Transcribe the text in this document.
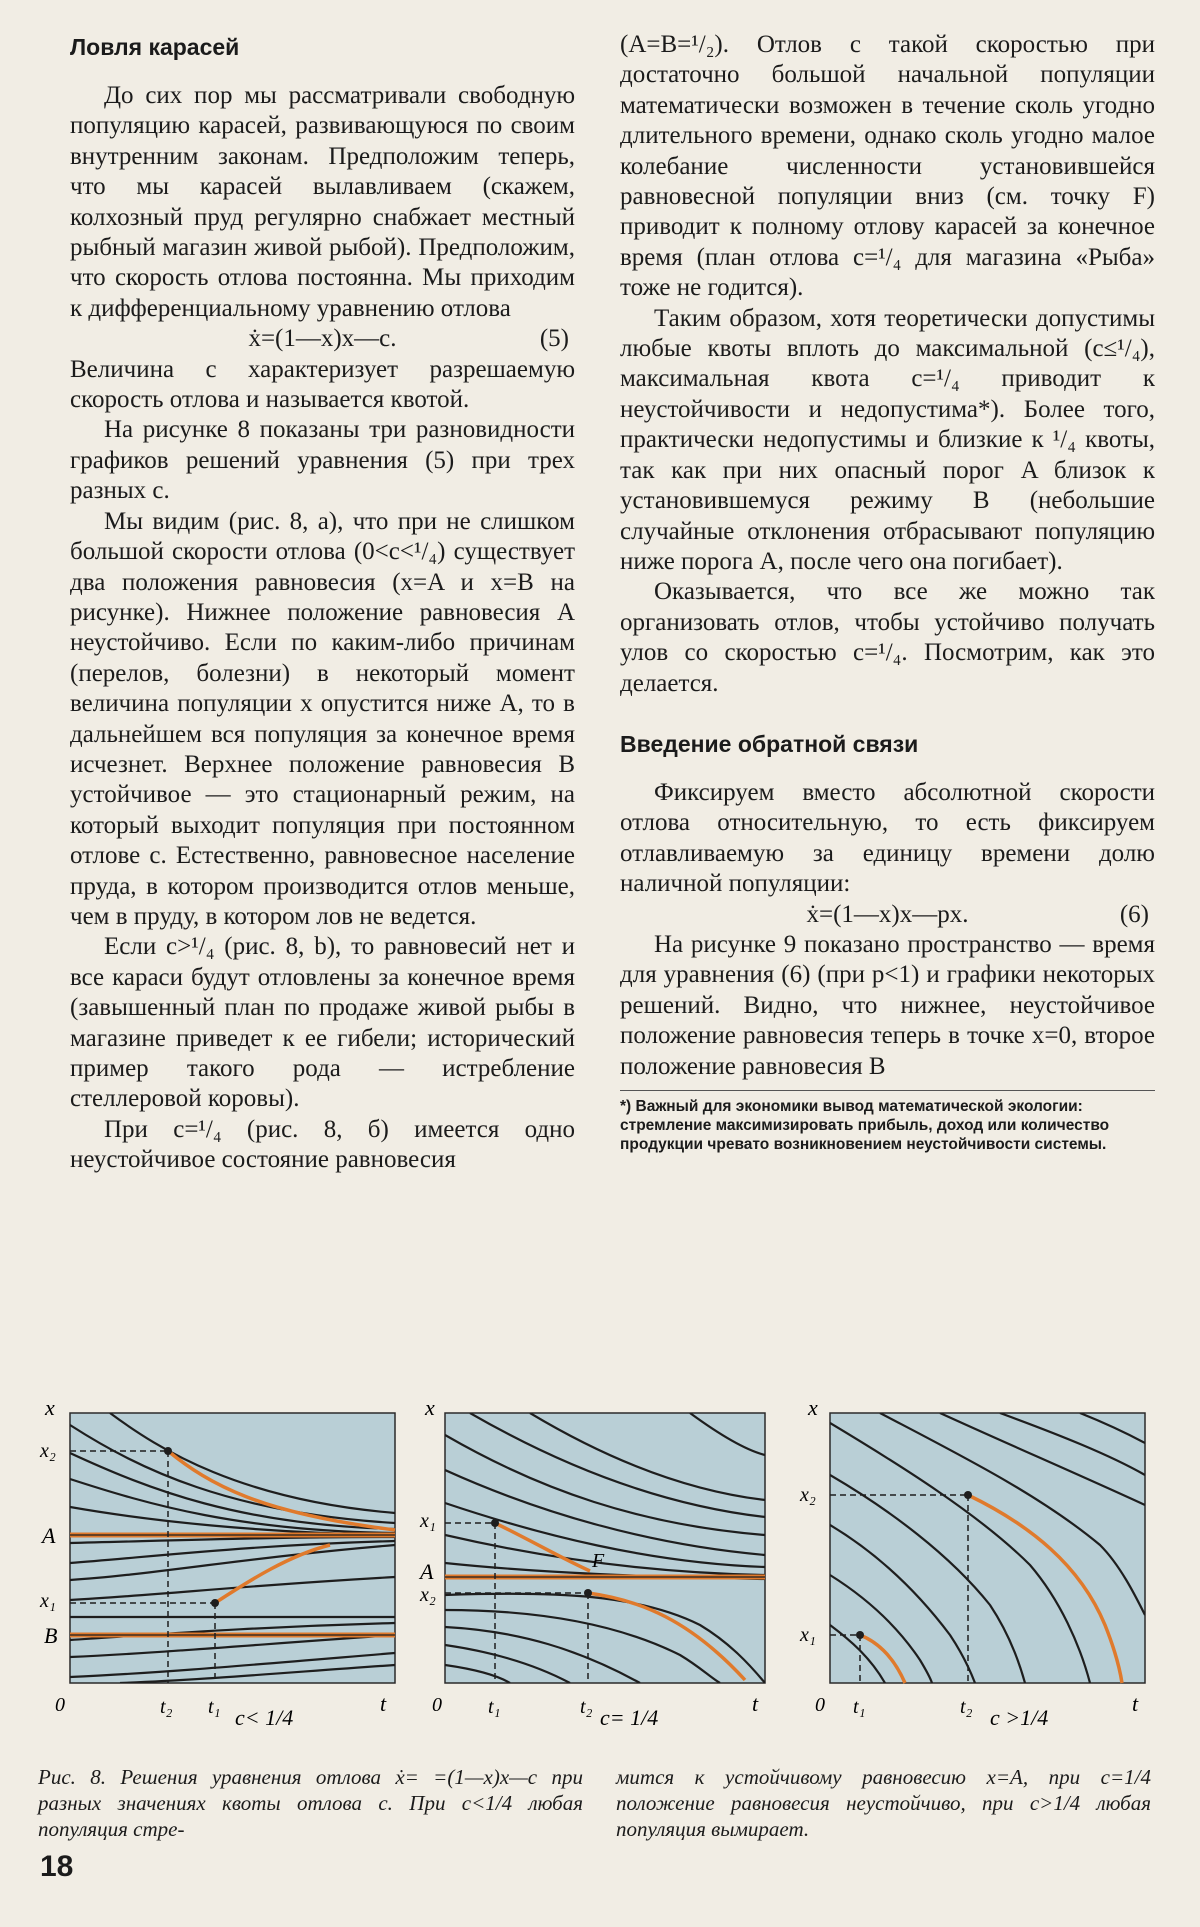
Ловля карасей

До сих пор мы рассматривали свободную популяцию карасей, развивающуюся по своим внутренним законам. Предположим теперь, что мы карасей вылавливаем (скажем, колхозный пруд регулярно снабжает местный рыбный магазин живой рыбой). Предположим, что скорость отлова постоянна. Мы приходим к дифференциальному уравнению отлова

ẋ=(1—x)x—c.	(5)

Величина c характеризует разрешаемую скорость отлова и называется квотой.

На рисунке 8 показаны три разновидности графиков решений уравнения (5) при трех разных c.

Мы видим (рис. 8, a), что при не слишком большой скорости отлова (0<c<¹/₄) существует два положения равновесия (x=A и x=B на рисунке). Нижнее положение равновесия A неустойчиво. Если по каким-либо причинам (перелов, болезни) в некоторый момент величина популяции x опустится ниже A, то в дальнейшем вся популяция за конечное время исчезнет. Верхнее положение равновесия B устойчивое — это стационарный режим, на который выходит популяция при постоянном отлове c. Естественно, равновесное население пруда, в котором производится отлов меньше, чем в пруду, в котором лов не ведется.

Если c>¹/₄ (рис. 8, b), то равновесий нет и все караси будут отловлены за конечное время (завышенный план по продаже живой рыбы в магазине приведет к ее гибели; исторический пример такого рода — истребление стеллеровой коровы).

При c=¹/₄ (рис. 8, б) имеется одно неустойчивое состояние равновесия

(A=B=¹/₂). Отлов с такой скоростью при достаточно большой начальной популяции математически возможен в течение сколь угодно длительного времени, однако сколь угодно малое колебание численности установившейся равновесной популяции вниз (см. точку F) приводит к полному отлову карасей за конечное время (план отлова c=¹/₄ для магазина «Рыба» тоже не годится).

Таким образом, хотя теоретически допустимы любые квоты вплоть до максимальной (c≤¹/₄), максимальная квота c=¹/₄ приводит к неустойчивости и недопустима*). Более того, практически недопустимы и близкие к ¹/₄ квоты, так как при них опасный порог A близок к установившемуся режиму B (небольшие случайные отклонения отбрасывают популяцию ниже порога A, после чего она погибает).

Оказывается, что все же можно так организовать отлов, чтобы устойчиво получать улов со скоростью c=¹/₄. Посмотрим, как это делается.

Введение обратной связи

Фиксируем вместо абсолютной скорости отлова относительную, то есть фиксируем отлавливаемую за единицу времени долю наличной популяции:

ẋ=(1—x)x—px.	(6)

На рисунке 9 показано пространство — время для уравнения (6) (при p<1) и графики некоторых решений. Видно, что нижнее, неустойчивое положение равновесия теперь в точке x=0, второе положение равновесия B

*) Важный для экономики вывод математической экологии: стремление максимизировать прибыль, доход или количество продукции чревато возникновением неустойчивости системы.
x
x₂
A
x₁
B
0	t₂ t₁ c< 1/4
t
x
x₁
A
x₂
F
0 t₁	t₂ c= 1/4
t
x
x₂
x₁
0 t₁	t₂ c >1/4
t
Рис. 8. Решения уравнения отлова ẋ= =(1—x)x—c при разных значениях квоты отлова c. При c<1/4 любая популяция стре-
мится к устойчивому равновесию x=A, при c=1/4 положение равновесия неустойчиво, при c>1/4 любая популяция вымирает.
18
